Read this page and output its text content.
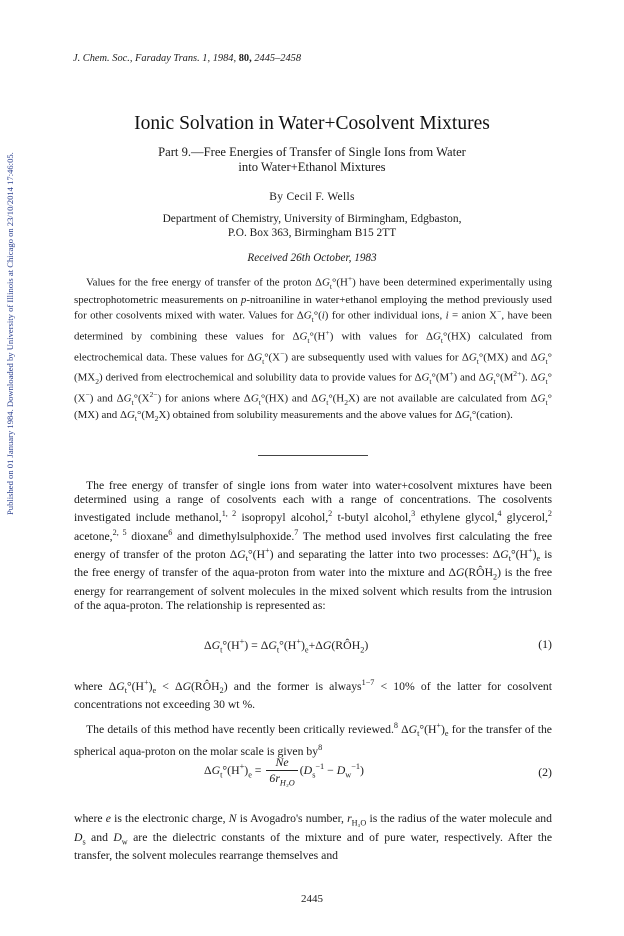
Published on 01 January 1984. Downloaded by University of Illinois at Chicago on 23/10/2014 17:46:05.
J. Chem. Soc., Faraday Trans. 1, 1984, 80, 2445–2458
Ionic Solvation in Water+Cosolvent Mixtures
Part 9.—Free Energies of Transfer of Single Ions from Water
into Water+Ethanol Mixtures
By Cecil F. Wells
Department of Chemistry, University of Birmingham, Edgbaston,
P.O. Box 363, Birmingham B15 2TT
Received 26th October, 1983
Values for the free energy of transfer of the proton $\Delta G_t^\circ(H^+)$ have been determined experimentally using spectrophotometric measurements on p-nitroaniline in water+ethanol employing the method previously used for other cosolvents mixed with water. Values for $\Delta G_t^\circ(i)$ for other individual ions, i = anion X−, have been determined by combining these values for $\Delta G_t^\circ(H^+)$ with values for $\Delta G_t^\circ(HX)$ calculated from electrochemical data. These values for $\Delta G_t^\circ(X^-)$ are subsequently used with values for $\Delta G_t^\circ(MX)$ and $\Delta G_t^\circ(MX_2)$ derived from electrochemical and solubility data to provide values for $\Delta G_t^\circ(M^+)$ and $\Delta G_t^\circ(M^{2+})$. $\Delta G_t^\circ(X^-)$ and $\Delta G_t^\circ(X^{2-})$ for anions where $\Delta G_t^\circ(HX)$ and $\Delta G_t^\circ(H_2X)$ are not available are calculated from $\Delta G_t^\circ(MX)$ and $\Delta G_t^\circ(M_2X)$ obtained from solubility measurements and the above values for $\Delta G_t^\circ(cation)$.
The free energy of transfer of single ions from water into water+cosolvent mixtures have been determined using a range of cosolvents each with a range of concentrations. The cosolvents investigated include methanol,$^{1, 2}$ isopropyl alcohol,$^2$ t-butyl alcohol,$^3$ ethylene glycol,$^4$ glycerol,$^2$ acetone,$^{2, 5}$ dioxane$^6$ and dimethylsulphoxide.$^7$ The method used involves first calculating the free energy of transfer of the proton $\Delta G_t^\circ(H^+)$ and separating the latter into two processes: $\Delta G_t^\circ(H^+)_e$ is the free energy of transfer of the aqua-proton from water into the mixture and $\Delta G(RÔH_2)$ is the free energy for rearrangement of solvent molecules in the mixed solvent which results from the intrusion of the aqua-proton. The relationship is represented as:
$\Delta G_t^\circ(H^+)$ = $\Delta G_t^\circ(H^+)_e+\Delta G(RÔH_2)$	(1)
where $\Delta G_t^\circ(H^+)_e$ < $\Delta G(RÔH_2)$ and the former is always$^{1-7}$ < 10% of the latter for cosolvent concentrations not exceeding 30 wt %.
The details of this method have recently been critically reviewed.$^8$ $\Delta G_t^\circ(H^+)_e$ for the transfer of the spherical aqua-proton on the molar scale is given $by^8$
$\Delta G_t^\circ(H^+)_e = \frac{Ne}{6r_{H_3O}} (D_s^{-1} - D_w^{-1})$	(2)
where e is the electronic charge, N is Avogadro's number, $r_{H_3O}$ is the radius of the water molecule and $D_s$ and $D_w$ are the dielectric constants of the mixture and of pure water, respectively. After the transfer, the solvent molecules rearrange themselves and
2445
